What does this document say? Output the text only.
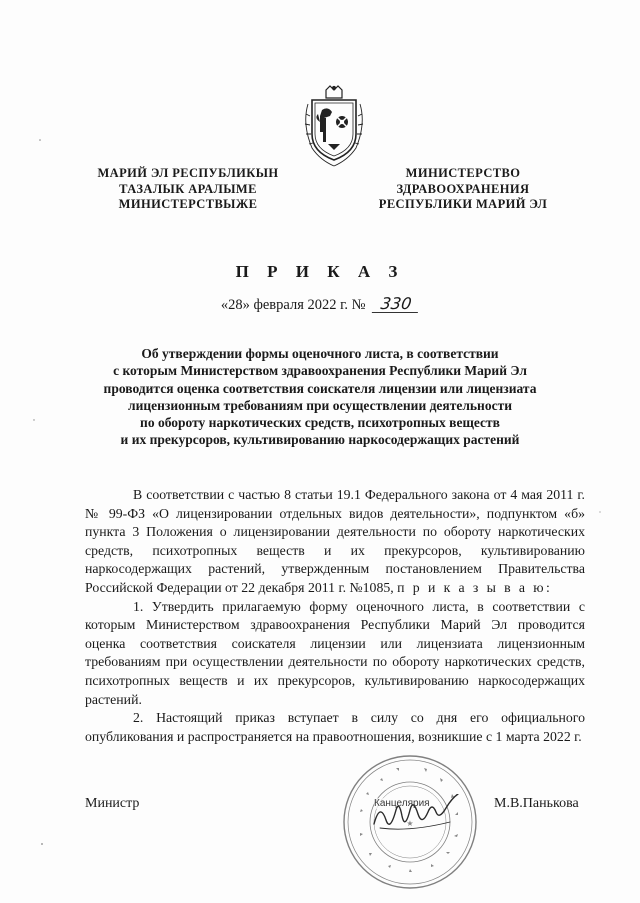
МАРИЙ ЭЛ РЕСПУБЛИКЫН
ТАЗАЛЫК АРАЛЫМЕ
МИНИСТЕРСТВЫЖЕ
МИНИСТЕРСТВО
ЗДРАВООХРАНЕНИЯ
РЕСПУБЛИКИ МАРИЙ ЭЛ
П Р И К А З
«28» февраля 2022 г. № 330
Об утверждении формы оценочного листа, в соответствии
с которым Министерством здравоохранения Республики Марий Эл
проводится оценка соответствия соискателя лицензии или лицензиата
лицензионным требованиям при осуществлении деятельности
по обороту наркотических средств, психотропных веществ
и их прекурсоров, культивированию наркосодержащих растений

В соответствии с частью 8 статьи 19.1 Федерального закона от 4 мая 2011 г. № 99-ФЗ «О лицензировании отдельных видов деятельности», подпунктом «б» пункта 3 Положения о лицензировании деятельности по обороту наркотических средств, психотропных веществ и их прекурсоров, культивированию наркосодержащих растений, утвержденным постановлением Правительства Российской Федерации от 22 декабря 2011 г. №1085, п р и к а з ы в а ю:

1. Утвердить прилагаемую форму оценочного листа, в соответствии с которым Министерством здравоохранения Республики Марий Эл проводится оценка соответствия соискателя лицензии или лицензиата лицензионным требованиям при осуществлении деятельности по обороту наркотических средств, психотропных веществ и их прекурсоров, культивированию наркосодержащих растений.

2. Настоящий приказ вступает в силу со дня его официального опубликования и распространяется на правоотношения, возникшие с 1 марта 2022 г.

Министр	М.В.Панькова
★
Канцелярия
